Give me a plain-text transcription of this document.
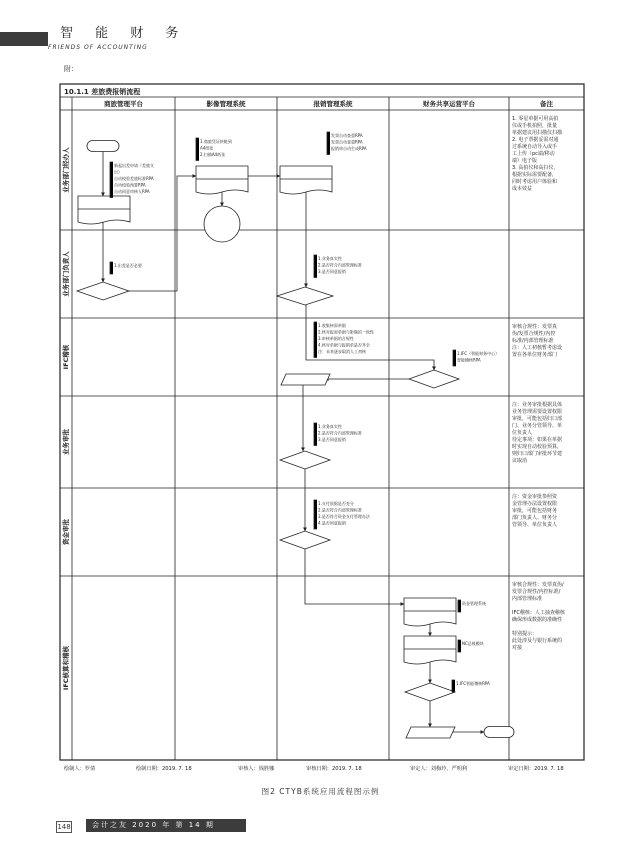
智 能 财 务
FRIENDS OF ACCOUNTING
附：
10.1.1 差旅费报销流程
商旅管理平台	影像管理系统	报销管理系统	财务共享运营平台	备注
业务部门经办人
业务部门负责人
IFC稽核
业务审批
资金审批
IFC核算和稽核
新起出差申请（差旅支
出）
自动校验差旅标准RPA
自动校验预算RPA
自动同意审核人RPA
1.商旅凭证转帐到
A4纸张
2.扫描A4纸张
发票自动查重RPA
发票自动查重RPA
报销单自动生成RPA
1.出差是否必要
1.业务真实性
2.是否符合内部管理标准
3.是否同意报销
1.收集核原单据
2.核对报原单据与影像的一致性
3.审核单据的合规性
4.核对单据与报销单是否齐全
注：未来逐步取消人工初核	1.IFC（智能财务中心）
智能稽核RPA
1.业务真实性
2.是否符合内部管理标准
3.是否同意报销
1.支付依据是否充分
2.是否符合内部管理标准
3.是否符合资金支付管理办法
4.是否同意报销
资金管理系统
NC总账模块
1.IFC智能稽核RPA
1. 零星单据可用高拍
仪或手机拍照，批量
单据建议用扫描仪扫描
2. 电子票据妥需对通
过系统自动导入或手
工上传（pc端/移动
端）电子版
3. 高拍仪和高扫仪，
根据实际需要配备，
同时考虑用户体验和
成本效益
审核合规性：发票真
伪/发票合规性/内控
标准/内部管理标准
注：人工初核暂考虑设
置在各单位财务部门
注：业务审批根据具体
业务管理需要设置权限
审批，可能包括归口部
门、业务分管领导、单
位负责人
待定事项：如果在单据
时实现自动校验预算，
则归口部门审批环节建
议取消
注：资金审批参照资
金管理办法设置权限
审批，可能包括财务
部门负责人、财务分
管领导、单位负责人
审核合规性：发票真伪/
发票合规性/内控标准/
内部管理标准
IFC稽核：人工抽查稽核
确保形成数据的准确性
特别提示：
此处涉及与银行系统的
对接
绘制人：罗倩	绘制日期：2019. 7. 18	审核人：钱胜娜	审核日期：2019. 7. 18	审定人：刘梅玲、严明利	审定日期：2019. 7. 18
图2 CTYB系统应用流程图示例
148	会计之友 2020 年 第 14 期
